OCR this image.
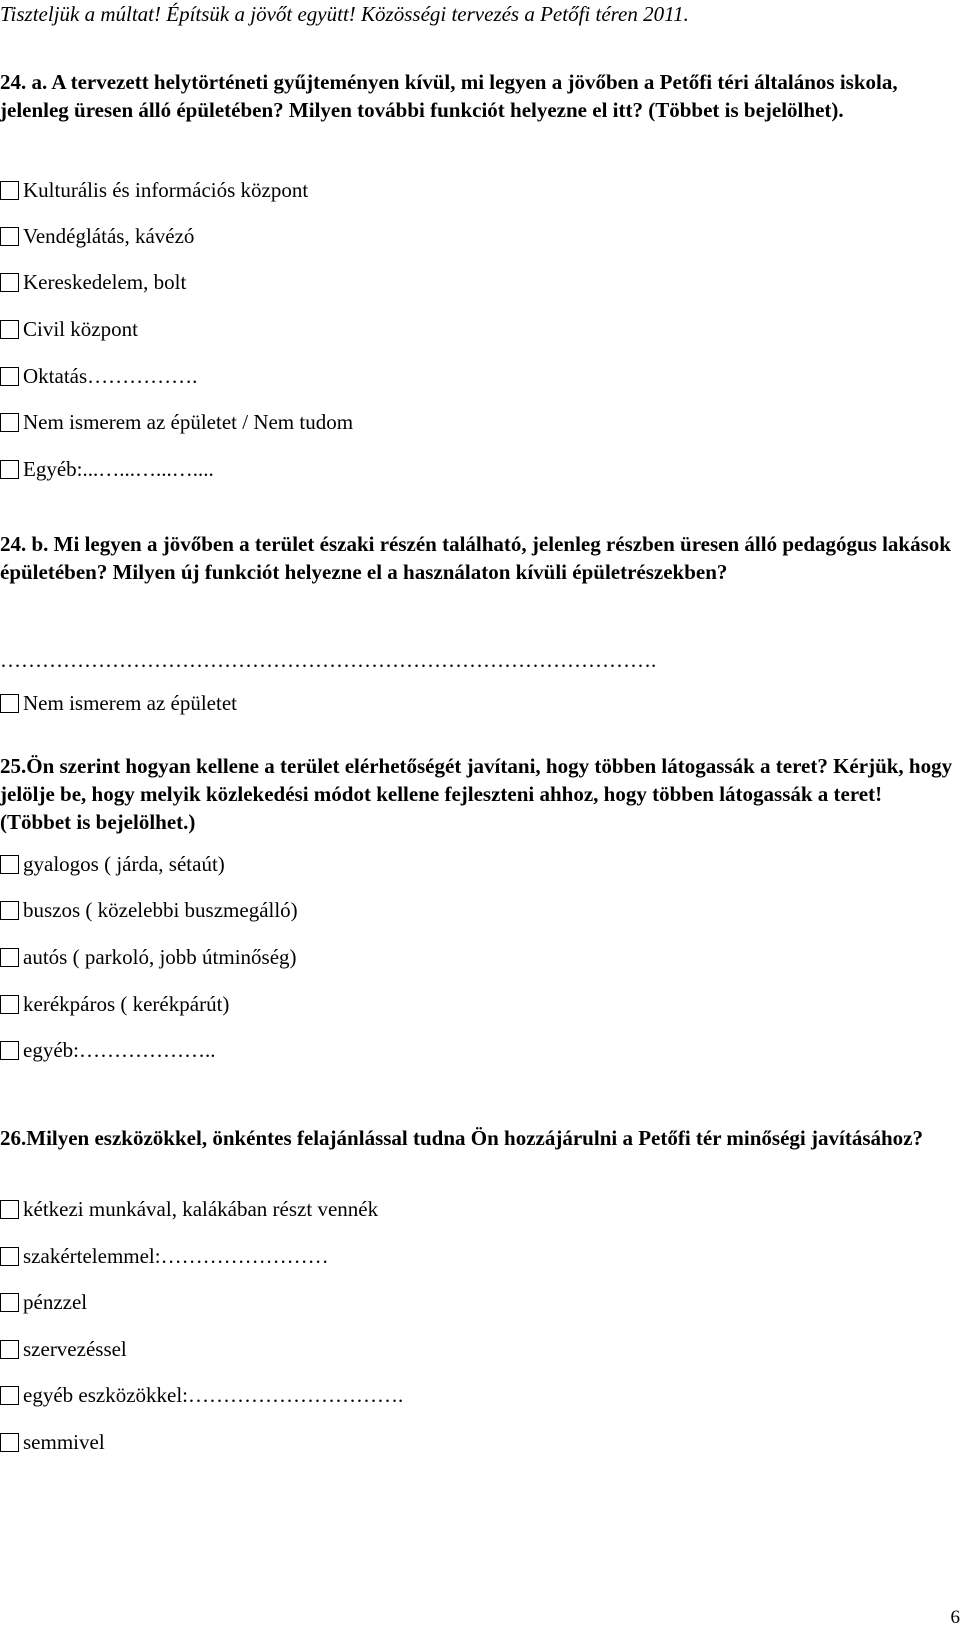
Tiszteljük a múltat! Építsük a jövőt együtt! Közösségi tervezés a Petőfi téren 2011.
24. a. A tervezett helytörténeti gyűjteményen kívül, mi legyen a jövőben a Petőfi téri általános iskola, jelenleg üresen álló épületében? Milyen további funkciót helyezne el itt? (Többet is bejelölhet).
Kulturális és információs központ
Vendéglátás, kávézó
Kereskedelem, bolt
Civil központ
Oktatás…………….
Nem ismerem az épületet / Nem tudom
Egyéb:...…...…...…....
24. b. Mi legyen a jövőben a terület északi részén található, jelenleg részben üresen álló pedagógus lakások épületében? Milyen új funkciót helyezne el a használaton kívüli épületrészekben?
………………………………………………………………………………….
Nem ismerem az épületet
25.Ön szerint hogyan kellene a terület elérhetőségét javítani, hogy többen látogassák a teret? Kérjük, hogy jelölje be, hogy melyik közlekedési módot kellene fejleszteni ahhoz, hogy többen látogassák a teret! (Többet is bejelölhet.)
gyalogos ( járda, sétaút)
buszos ( közelebbi buszmegálló)
autós ( parkoló, jobb útminőség)
kerékpáros ( kerékpárút)
egyéb:………………..
26.Milyen eszközökkel, önkéntes felajánlással tudna Ön hozzájárulni a Petőfi tér minőségi javításához?
kétkezi munkával, kalákában részt vennék
szakértelemmel:……………………
pénzzel
szervezéssel
egyéb eszközökkel:………………………….
semmivel
6
